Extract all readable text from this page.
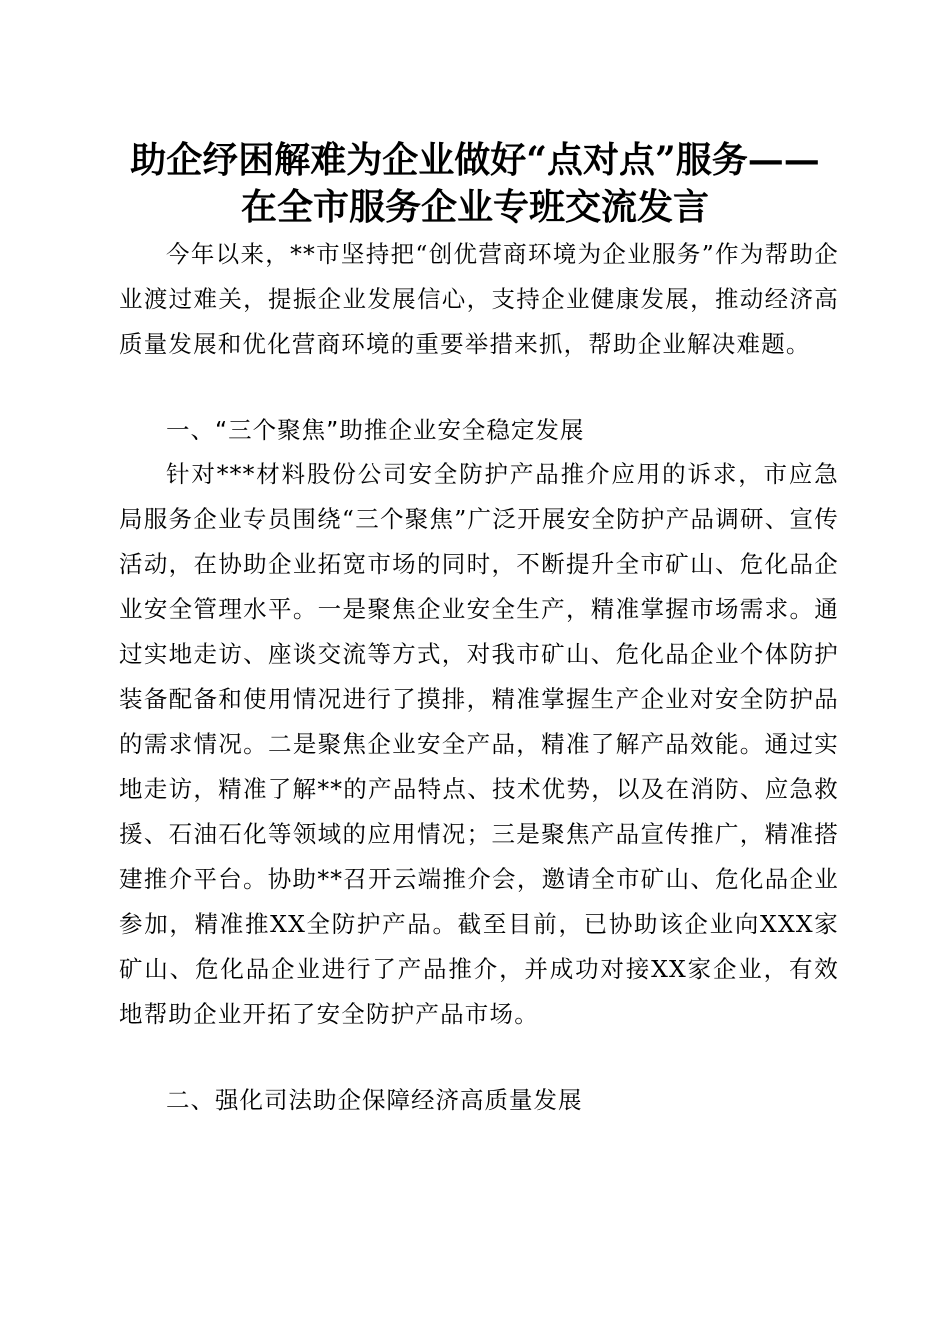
助企纾困解难为企业做好“点对点”服务——
在全市服务企业专班交流发言
今年以来，**市坚持把“创优营商环境为企业服务”作为帮助企业渡过难关，提振企业发展信心，支持企业健康发展，推动经济高质量发展和优化营商环境的重要举措来抓，帮助企业解决难题。
一、“三个聚焦”助推企业安全稳定发展
针对***材料股份公司安全防护产品推介应用的诉求，市应急局服务企业专员围绕“三个聚焦”广泛开展安全防护产品调研、宣传活动，在协助企业拓宽市场的同时，不断提升全市矿山、危化品企业安全管理水平。一是聚焦企业安全生产，精准掌握市场需求。通过实地走访、座谈交流等方式，对我市矿山、危化品企业个体防护装备配备和使用情况进行了摸排，精准掌握生产企业对安全防护品的需求情况。二是聚焦企业安全产品，精准了解产品效能。通过实地走访，精准了解**的产品特点、技术优势，以及在消防、应急救援、石油石化等领域的应用情况；三是聚焦产品宣传推广，精准搭建推介平台。协助**召开云端推介会，邀请全市矿山、危化品企业参加，精准推XX全防护产品。截至目前，已协助该企业向XXX家矿山、危化品企业进行了产品推介，并成功对接XX家企业，有效地帮助企业开拓了安全防护产品市场。
二、强化司法助企保障经济高质量发展
